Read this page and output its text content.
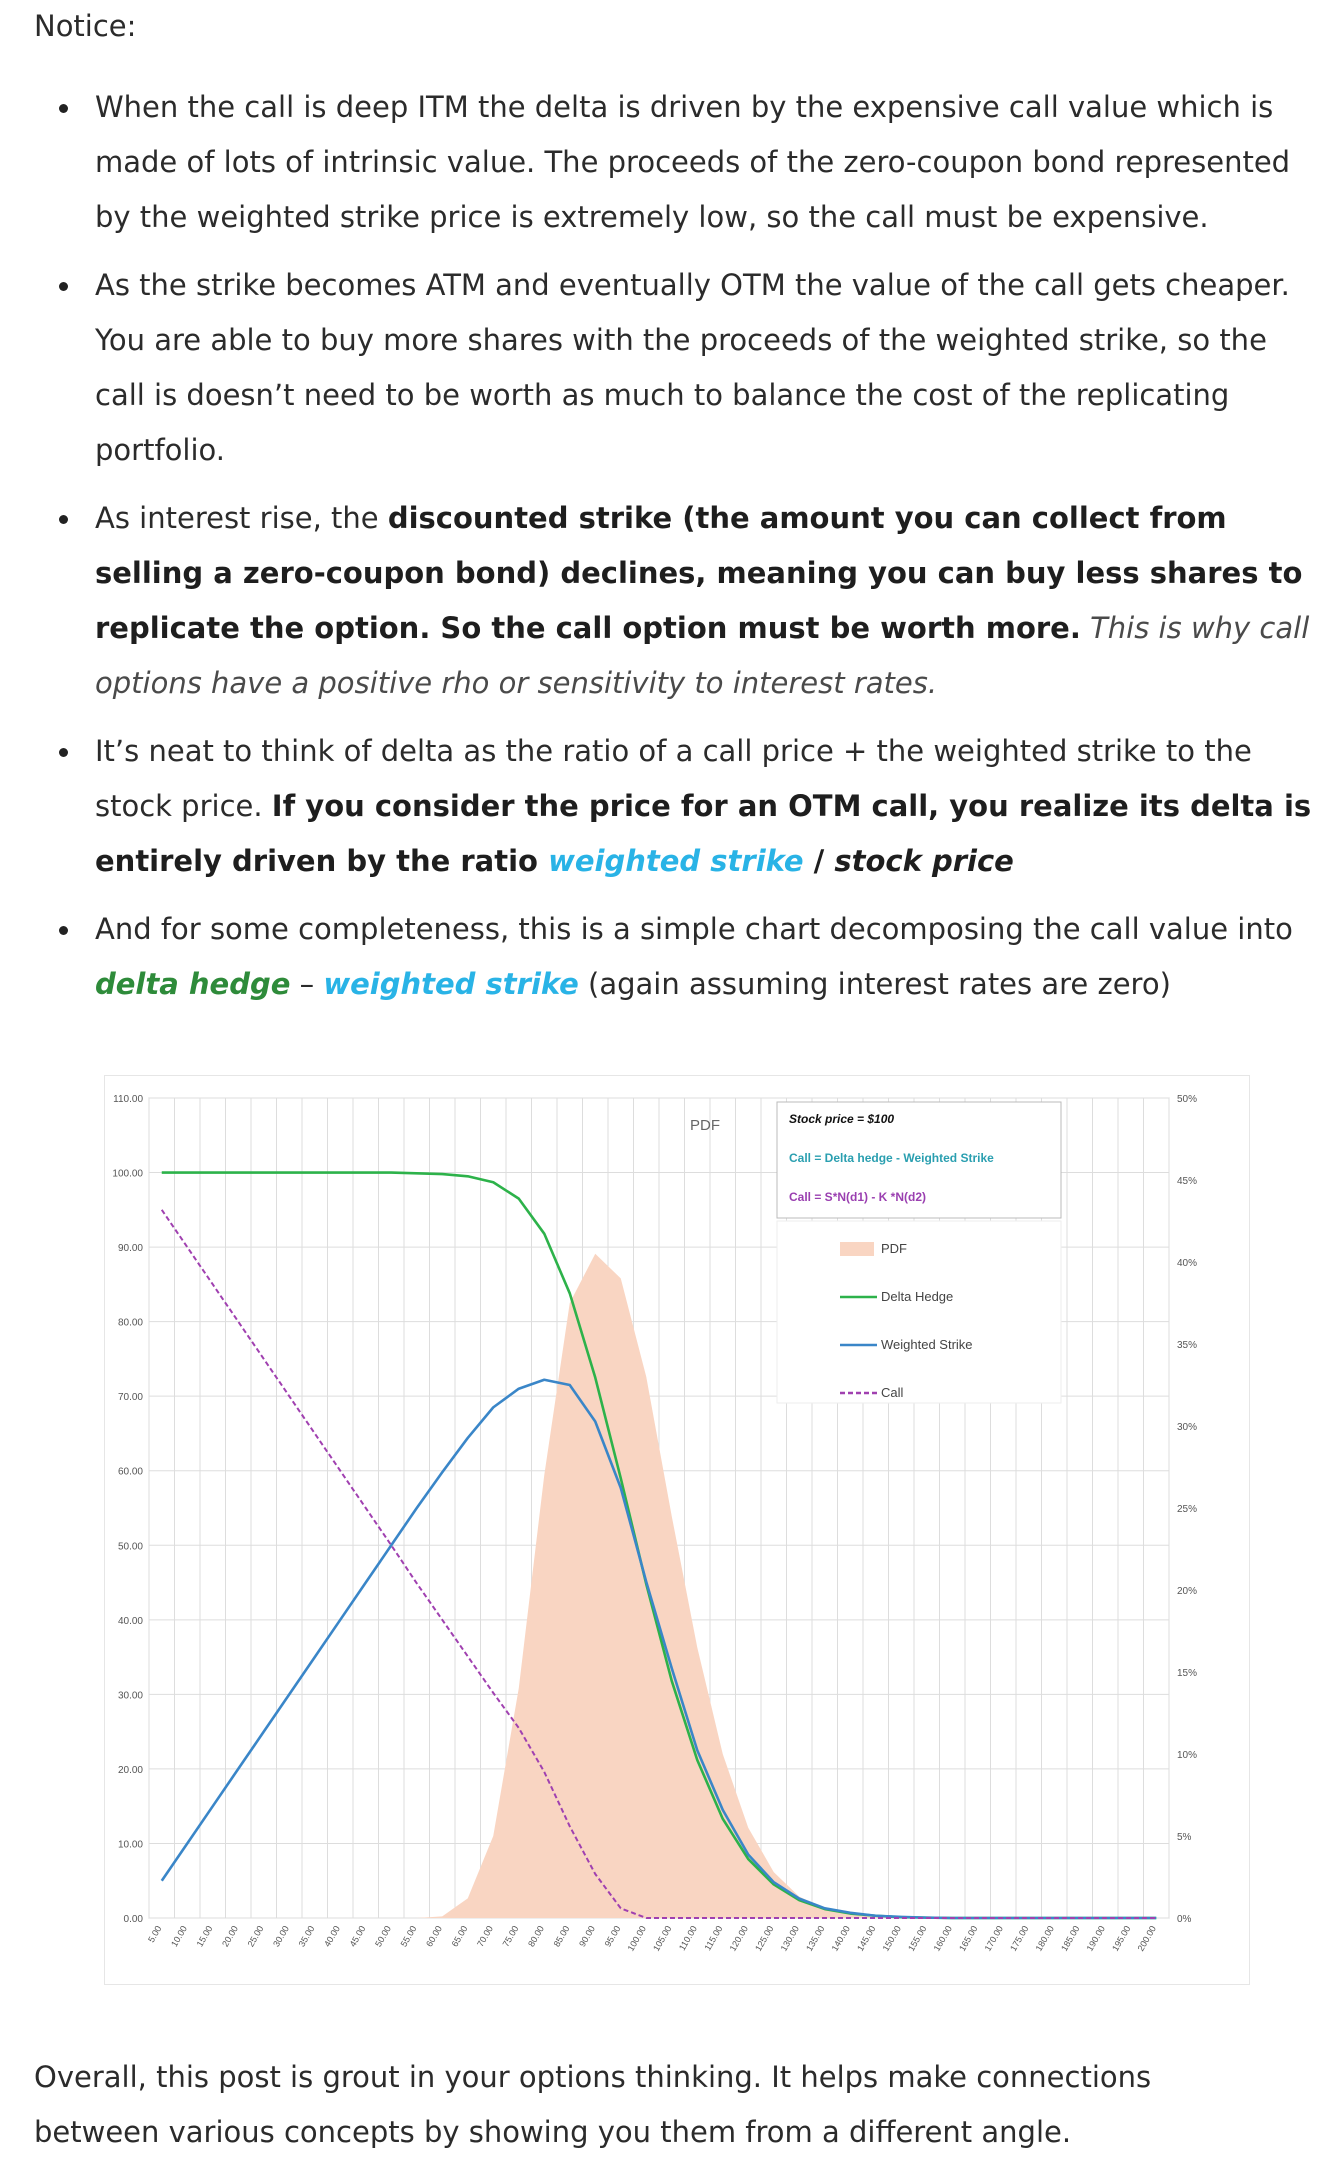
Notice:
When the call is deep ITM the delta is driven by the expensive call value which is made of lots of intrinsic value. The proceeds of the zero-coupon bond represented by the weighted strike price is extremely low, so the call must be expensive.
As the strike becomes ATM and eventually OTM the value of the call gets cheaper. You are able to buy more shares with the proceeds of the weighted strike, so the call is doesn’t need to be worth as much to balance the cost of the replicating portfolio.
As interest rise, the discounted strike (the amount you can collect from selling a zero-coupon bond) declines, meaning you can buy less shares to replicate the option. So the call option must be worth more. This is why call options have a positive rho or sensitivity to interest rates.
It’s neat to think of delta as the ratio of a call price + the weighted strike to the stock price. If you consider the price for an OTM call, you realize its delta is entirely driven by the ratio weighted strike / stock price
And for some completeness, this is a simple chart decomposing the call value into delta hedge – weighted strike (again assuming interest rates are zero)
0.00
10.00
20.00
30.00
40.00
50.00
60.00
70.00
80.00
90.00
100.00
110.00
0%
5%
10%
15%
20%
25%
30%
35%
40%
45%
50%
5.00 10.00 15.00 20.00 25.00 30.00 35.00 40.00 45.00 50.00 55.00 60.00 65.00 70.00 75.00 80.00 85.00 90.00 95.00 100.00 105.00 110.00 115.00 120.00 125.00 130.00 135.00 140.00 145.00 150.00 155.00 160.00 165.00 170.00 175.00 180.00 185.00 190.00 195.00 200.00
PDF	Stock price = $100
Call = Delta hedge - Weighted Strike
Call = S*N(d1) - K *N(d2)
PDF
Delta Hedge
Weighted Strike
Call
Overall, this post is grout in your options thinking. It helps make connections between various concepts by showing you them from a different angle.
